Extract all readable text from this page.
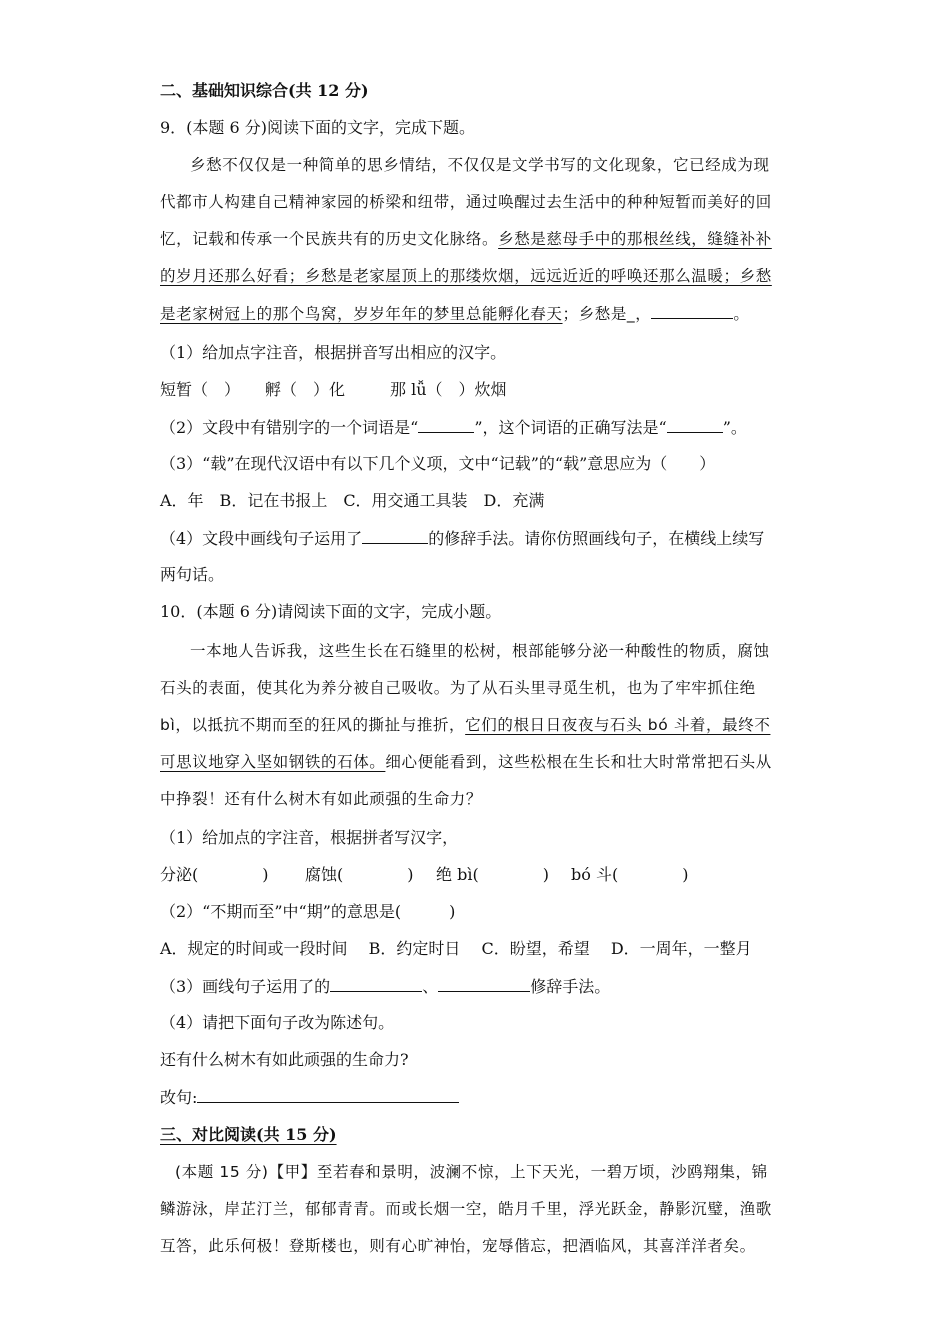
二、基础知识综合(共 12 分)
9．(本题 6 分)阅读下面的文字，完成下题。
乡愁不仅仅是一种简单的思乡情结，不仅仅是文学书写的文化现象，它已经成为现
代都市人构建自己精神家园的桥梁和纽带，通过唤醒过去生活中的种种短暂而美好的回
忆，记载和传承一个民族共有的历史文化脉络。乡愁是慈母手中的那根丝线，缝缝补补
的岁月还那么好看；乡愁是老家屋顶上的那缕炊烟，远远近近的呼唤还那么温暖；乡愁
是老家树冠上的那个鸟窝，岁岁年年的梦里总能孵化春天；乡愁是_，	。
（1）给加点字注音，根据拼音写出相应的汉字。
短暂（　） 孵（　）化	那 lǚ（　）炊烟
（2）文段中有错别字的一个词语是“	”，这个词语的正确写法是“	”。
（3）“载”在现代汉语中有以下几个义项，文中“记载”的“载”意思应为（　　）
A．年　B．记在书报上　C．用交通工具装　D．充满
（4）文段中画线句子运用了	的修辞手法。请你仿照画线句子，在横线上续写
两句话。
10．(本题 6 分)请阅读下面的文字，完成小题。
一本地人告诉我，这些生长在石缝里的松树，根部能够分泌一种酸性的物质，腐蚀
石头的表面，使其化为养分被自己吸收。为了从石头里寻觅生机，也为了牢牢抓住绝
bì，以抵抗不期而至的狂风的撕扯与推折，它们的根日日夜夜与石头 bó 斗着，最终不
可思议地穿入坚如钢铁的石体。细心便能看到，这些松根在生长和壮大时常常把石头从
中挣裂！还有什么树木有如此顽强的生命力？
（1）给加点的字注音，根据拼者写汉字，
分泌(　　　　) 腐蚀(　　　　) 绝 bì(　　　　) bó 斗(　　　　)
（2）“不期而至”中“期”的意思是(　　　)
A．规定的时间或一段时间　 B．约定时日　 C．盼望，希望　 D．一周年，一整月
（3）画线句子运用了的	、	修辞手法。
（4）请把下面句子改为陈述句。
还有什么树木有如此顽强的生命力?
改句:
三、对比阅读(共 15 分)
(本题 15 分)【甲】至若春和景明，波澜不惊，上下天光，一碧万顷，沙鸥翔集，锦
鳞游泳，岸芷汀兰，郁郁青青。而或长烟一空，皓月千里，浮光跃金，静影沉璧，渔歌
互答，此乐何极！登斯楼也，则有心旷神怡，宠辱偕忘，把酒临风，其喜洋洋者矣。
